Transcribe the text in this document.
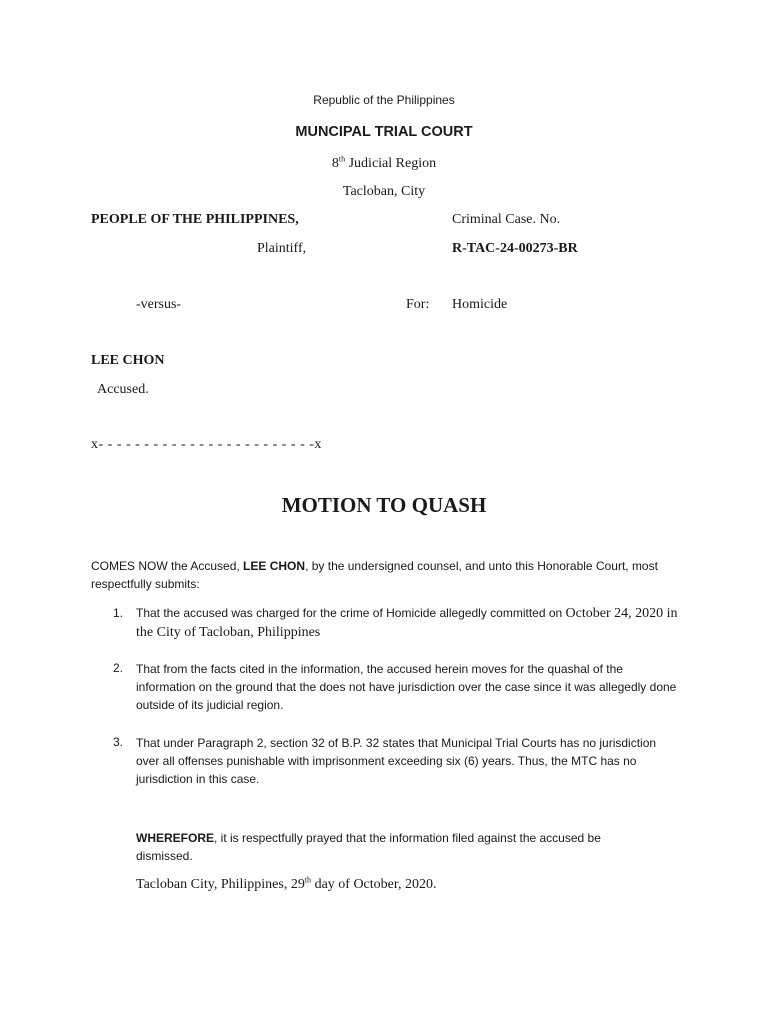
Republic of the Philippines
MUNCIPAL TRIAL COURT
8th Judicial Region
Tacloban, City
PEOPLE OF THE PHILIPPINES,	Criminal Case. No.
Plaintiff,	R-TAC-24-00273-BR
-versus-	For: Homicide
LEE CHON
Accused.
x- - - - - - - - - - - - - - - - - - - - - - - -x
MOTION TO QUASH
COMES NOW the Accused, LEE CHON, by the undersigned counsel, and unto this Honorable Court, most respectfully submits:
1. That the accused was charged for the crime of Homicide allegedly committed on October 24, 2020 in the City of Tacloban, Philippines
2. That from the facts cited in the information, the accused herein moves for the quashal of the information on the ground that the does not have jurisdiction over the case since it was allegedly done outside of its judicial region.
3. That under Paragraph 2, section 32 of B.P. 32 states that Municipal Trial Courts has no jurisdiction over all offenses punishable with imprisonment exceeding six (6) years. Thus, the MTC has no jurisdiction in this case.
WHEREFORE, it is respectfully prayed that the information filed against the accused be dismissed.
Tacloban City, Philippines, 29th day of October, 2020.
